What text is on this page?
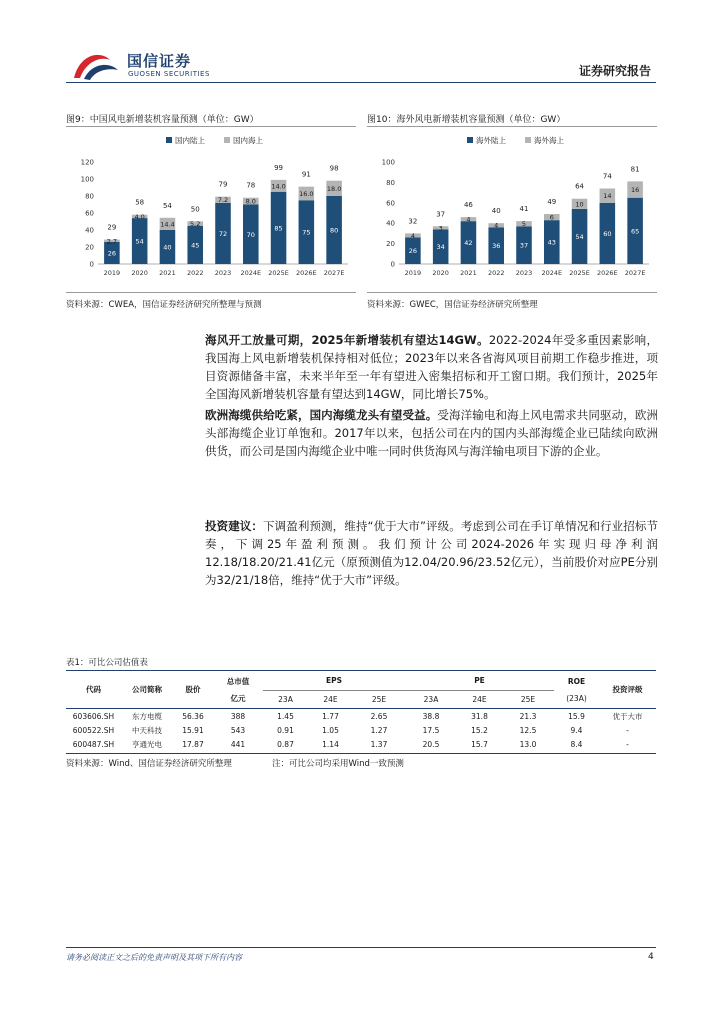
国信证券
GUOSEN SECURITIES	证券研究报告
图9：中国风电新增装机容量预测（单位：GW）	图10：海外风电新增装机容量预测（单位：GW）
国内陆上	国内海上
0
20
40
60
80
100
120
26
2.7
29
2019
54
4.0
58
2020
40
14.4
54
2021
45
5.2
50
2022
72
7.2
79
2023
70
8.0
78
2024E
85
14.0
99
2025E
75
16.0
91
2026E
80
18.0
98
2027E
海外陆上	海外海上
0
20
40
60
80
100
26
4
32
2019
34
3
37
2020
42
4
46
2021
36
4
40
2022
37
5
41
2023
43
6
49
2024E
54
10
64
2025E
60
14
74
2026E
65
16
81
2027E
资料来源：CWEA，国信证券经济研究所整理与预测	资料来源：GWEC，国信证券经济研究所整理
海风开工放量可期，2025年新增装机有望达14GW。2022-2024年受多重因素影响，我国海上风电新增装机保持相对低位；2023年以来各省海风项目前期工作稳步推进，项目资源储备丰富，未来半年至一年有望进入密集招标和开工窗口期。我们预计，2025年全国海风新增装机容量有望达到14GW，同比增长75%。
欧洲海缆供给吃紧，国内海缆龙头有望受益。受海洋输电和海上风电需求共同驱动，欧洲头部海缆企业订单饱和。2017年以来，包括公司在内的国内头部海缆企业已陆续向欧洲供货，而公司是国内海缆企业中唯一同时供货海风与海洋输电项目下游的企业。
投资建议：下调盈利预测，维持“优于大市”评级。考虑到公司在手订单情况和行业招标节奏，下调25年盈利预测。我们预计公司2024-2026年实现归母净利润12.18/18.20/21.41亿元（原预测值为12.04/20.96/23.52亿元），当前股价对应PE分别为32/21/18倍，维持“优于大市”评级。
表1：可比公司估值表
代码	公司简称	股价	总市值	EPS			PE			ROE	投资评级
			亿元	23A	24E	25E	23A	24E	25E	(23A)	

603606.SH	东方电缆	56.36	388	1.45	1.77	2.65	38.8	31.8	21.3	15.9	优于大市
600522.SH	中天科技	15.91	543	0.91	1.05	1.27	17.5	15.2	12.5	9.4	-
600487.SH	亨通光电	17.87	441	0.87	1.14	1.37	20.5	15.7	13.0	8.4	-
资料来源：Wind、国信证券经济研究所整理	注：可比公司均采用Wind一致预测
请务必阅读正文之后的免责声明及其项下所有内容	4
